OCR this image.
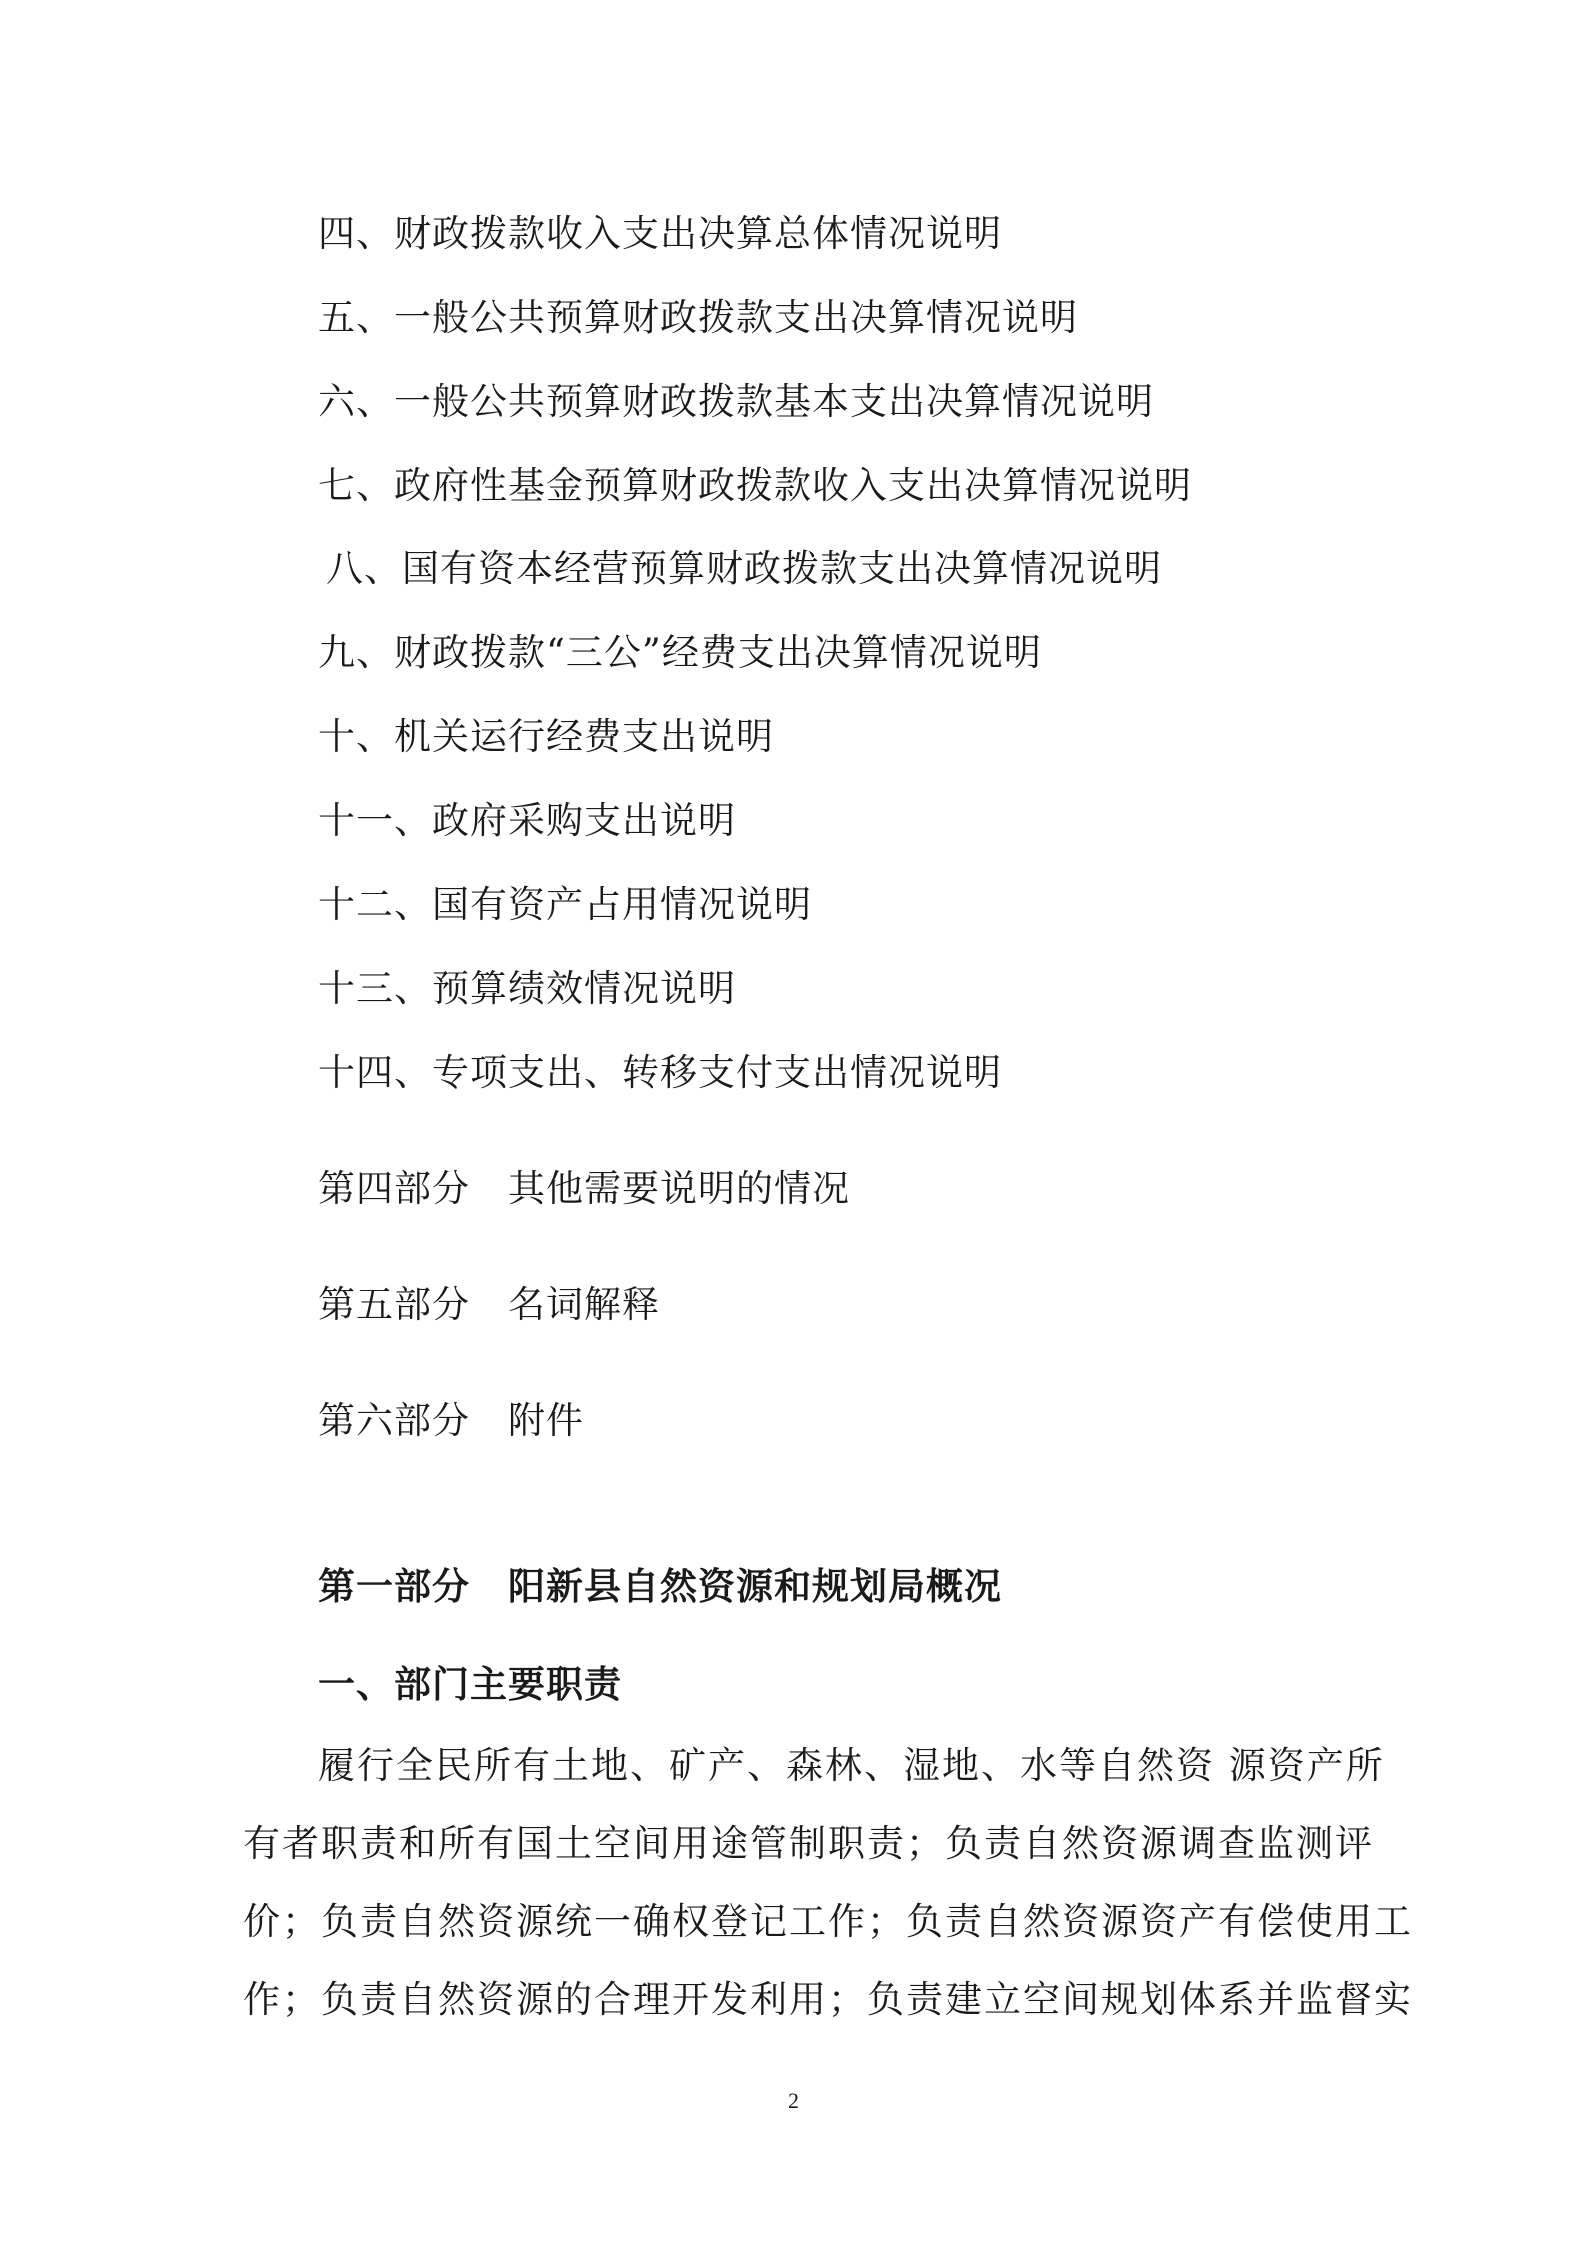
四、财政拨款收入支出决算总体情况说明
五、一般公共预算财政拨款支出决算情况说明
六、一般公共预算财政拨款基本支出决算情况说明
七、政府性基金预算财政拨款收入支出决算情况说明
八、国有资本经营预算财政拨款支出决算情况说明
九、财政拨款“三公”经费支出决算情况说明
十、机关运行经费支出说明
十一、政府采购支出说明
十二、国有资产占用情况说明
十三、预算绩效情况说明
十四、专项支出、转移支付支出情况说明
第四部分 其他需要说明的情况
第五部分 名词解释
第六部分 附件
第一部分 阳新县自然资源和规划局概况
一、部门主要职责
履行全民所有土地、矿产、森林、湿地、水等自然资 源资产所
有者职责和所有国土空间用途管制职责；负责自然资源调查监测评
价；负责自然资源统一确权登记工作；负责自然资源资产有偿使用工
作；负责自然资源的合理开发利用；负责建立空间规划体系并监督实
2
